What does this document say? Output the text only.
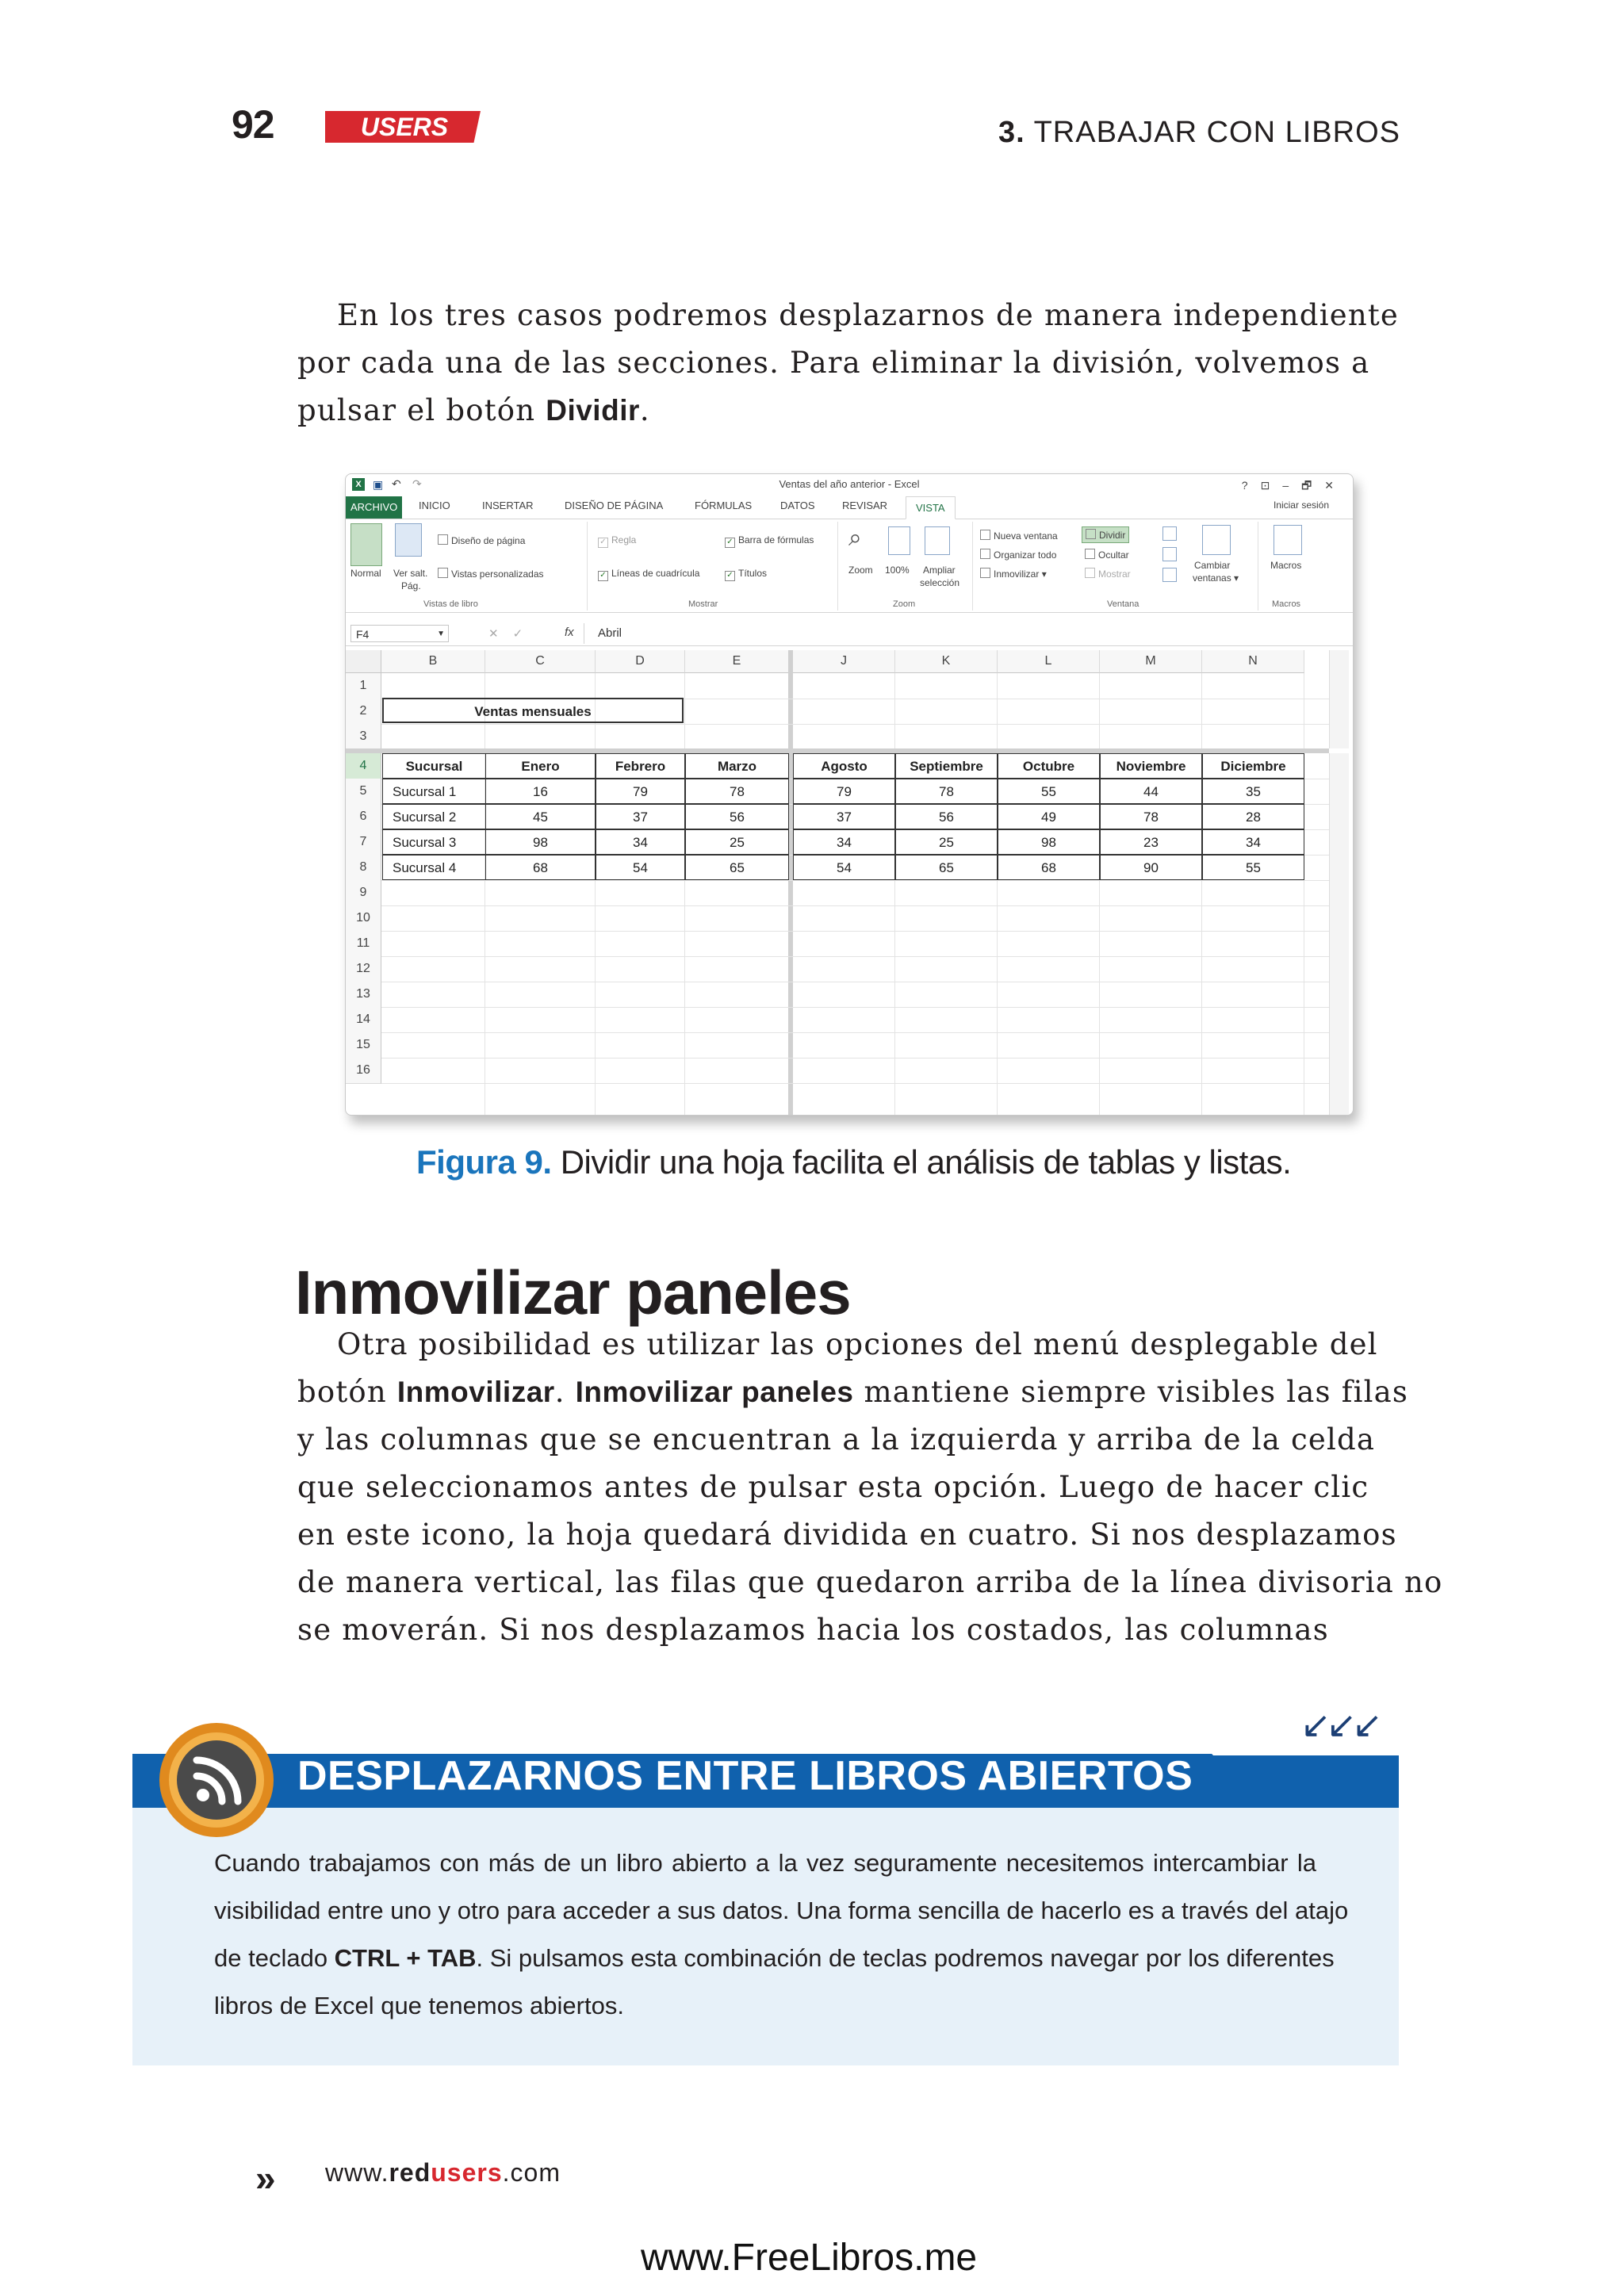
92	USERS	3. TRABAJAR CON LIBROS
En los tres casos podremos desplazarnos de manera independiente
por cada una de las secciones. Para eliminar la división, volvemos a
pulsar el botón Dividir.
Ventas del año anterior - Excel
X	▣ ↶ ↷	?⊡–🗗✕
ARCHIVO	INICIO	INSERTAR	DISEÑO DE PÁGINA	FÓRMULAS	DATOS	REVISAR	VISTA	Iniciar sesión
Normal Ver salt.
Pág.
Diseño de página
Vistas personalizadas
Vistas de libro
✓ Regla
✓ Líneas de cuadrícula
✓ Barra de fórmulas
✓ Títulos
Mostrar
⌕
Zoom 100% Ampliar
selección
Zoom
Nueva ventana
Organizar todo
Inmovilizar ▾
Dividir
Ocultar
Mostrar
Cambiar
ventanas ▾
Ventana
Macros
Macros
F4	▼	✕✓ fx Abril
B	C	D	E	J	K	L	M	N
1
2
3
4
5
6
7
8
9
10
11
12
13
14
15
16
Ventas mensuales
Sucursal	Enero	Febrero	Marzo	Agosto	Septiembre	Octubre	Noviembre	Diciembre
Sucursal 1	16	79	78	79	78	55	44	35
Sucursal 2	45	37	56	37	56	49	78	28
Sucursal 3	98	34	25	34	25	98	23	34
Sucursal 4	68	54	65	54	65	68	90	55
Figura 9. Dividir una hoja facilita el análisis de tablas y listas.
Inmovilizar paneles
Otra posibilidad es utilizar las opciones del menú desplegable del
botón Inmovilizar. Inmovilizar paneles mantiene siempre visibles las filas
y las columnas que se encuentran a la izquierda y arriba de la celda
que seleccionamos antes de pulsar esta opción. Luego de hacer clic
en este icono, la hoja quedará dividida en cuatro. Si nos desplazamos
de manera vertical, las filas que quedaron arriba de la línea divisoria no
se moverán. Si nos desplazamos hacia los costados, las columnas
↙↙↙
DESPLAZARNOS ENTRE LIBROS ABIERTOS
Cuando trabajamos con más de un libro abierto a la vez seguramente necesitemos intercambiar la
visibilidad entre uno y otro para acceder a sus datos. Una forma sencilla de hacerlo es a través del atajo
de teclado CTRL + TAB. Si pulsamos esta combinación de teclas podremos navegar por los diferentes
libros de Excel que tenemos abiertos.
» www.redusers.com
www.FreeLibros.me
